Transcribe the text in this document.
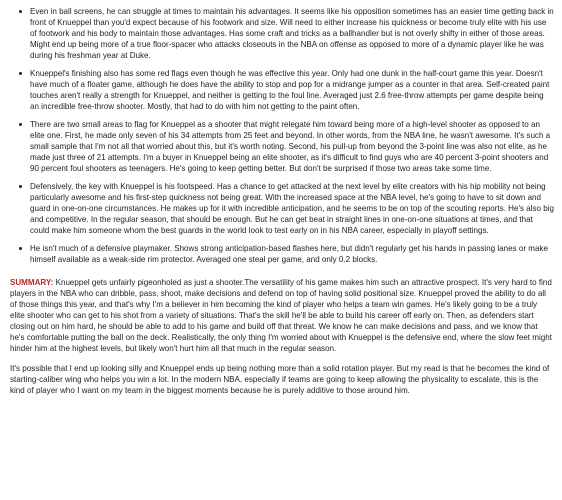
Even in ball screens, he can struggle at times to maintain his advantages. It seems like his opposition sometimes has an easier time getting back in front of Knueppel than you'd expect because of his footwork and size. Will need to either increase his quickness or become truly elite with his use of footwork and his body to maintain those advantages. Has some craft and tricks as a ballhandler but is not overly shifty in either of those areas. Might end up being more of a true floor-spacer who attacks closeouts in the NBA on offense as opposed to more of a dynamic player like he was during his freshman year at Duke.
Knueppel's finishing also has some red flags even though he was effective this year. Only had one dunk in the half-court game this year. Doesn't have much of a floater game, although he does have the ability to stop and pop for a midrange jumper as a counter in that area. Self-created paint touches aren't really a strength for Knueppel, and neither is getting to the foul line. Averaged just 2.6 free-throw attempts per game despite being an incredible free-throw shooter. Mostly, that had to do with him not getting to the paint often.
There are two small areas to flag for Knueppel as a shooter that might relegate him toward being more of a high-level shooter as opposed to an elite one. First, he made only seven of his 34 attempts from 25 feet and beyond. In other words, from the NBA line, he wasn't awesome. It's such a small sample that I'm not all that worried about this, but it's worth noting. Second, his pull-up from beyond the 3-point line was also not elite, as he made just three of 21 attempts. I'm a buyer in Knueppel being an elite shooter, as it's difficult to find guys who are 40 percent 3-point shooters and 90 percent foul shooters as teenagers. He's going to keep getting better. But don't be surprised if those two areas take some time.
Defensively, the key with Knueppel is his footspeed. Has a chance to get attacked at the next level by elite creators with his hip mobility not being particularly awesome and his first-step quickness not being great. With the increased space at the NBA level, he's going to have to sit down and guard in one-on-one circumstances. He makes up for it with incredible anticipation, and he seems to be on top of the scouting reports. He's also big and competitive. In the regular season, that should be enough. But he can get beat in straight lines in one-on-one situations at times, and that could make him someone whom the best guards in the world look to test early on in his NBA career, especially in playoff settings.
He isn't much of a defensive playmaker. Shows strong anticipation-based flashes here, but didn't regularly get his hands in passing lanes or make himself available as a weak-side rim protector. Averaged one steal per game, and only 0.2 blocks.

SUMMARY: Knueppel gets unfairly pigeonholed as just a shooter.The versatility of his game makes him such an attractive prospect. It's very hard to find players in the NBA who can dribble, pass, shoot, make decisions and defend on top of having solid positional size. Knueppel proved the ability to do all of those things this year, and that's why I'm a believer in him becoming the kind of player who helps a team win games. He's likely going to be a truly elite shooter who can get to his shot from a variety of situations. That's the skill he'll be able to build his career off early on. Then, as defenders start closing out on him hard, he should be able to add to his game and build off that threat. We know he can make decisions and pass, and we know that he's comfortable putting the ball on the deck. Realistically, the only thing I'm worried about with Knueppel is the defensive end, where the slow feet might hinder him at the highest levels, but likely won't hurt him all that much in the regular season.

It's possible that I end up looking silly and Knueppel ends up being nothing more than a solid rotation player. But my read is that he becomes the kind of starting-caliber wing who helps you win a lot. In the modern NBA, especially if teams are going to keep allowing the physicality to escalate, this is the kind of player who I want on my team in the biggest moments because he is purely additive to those around him.
